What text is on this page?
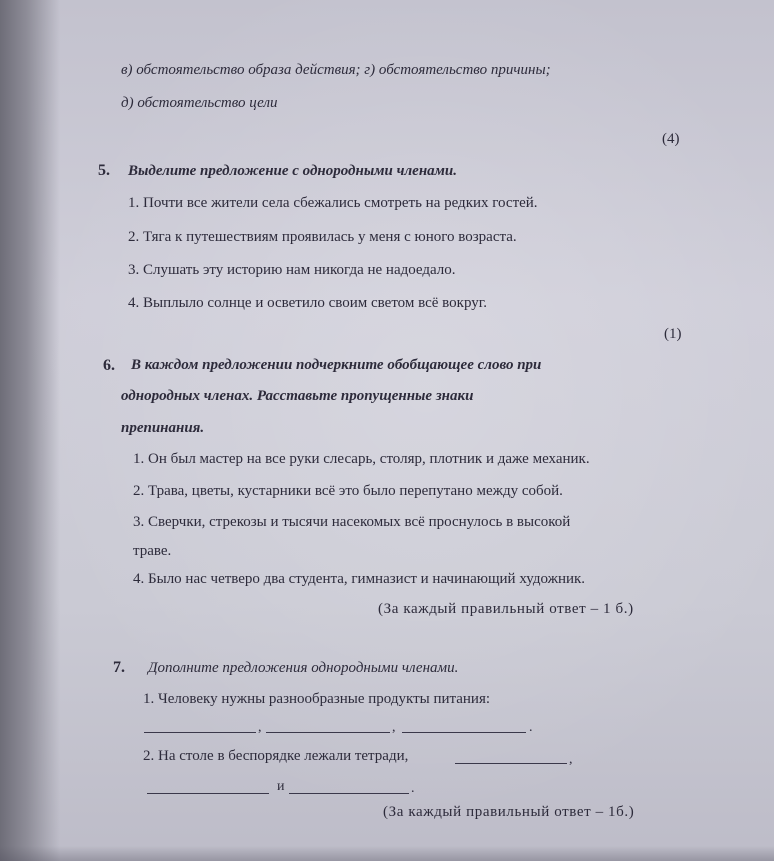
в) обстоятельство образа действия; г) обстоятельство причины;
д) обстоятельство цели
(4)
5. Выделите предложение с однородными членами.
1. Почти все жители села сбежались смотреть на редких гостей.
2. Тяга к путешествиям проявилась у меня с юного возраста.
3. Слушать эту историю нам никогда не надоедало.
4. Выплыло солнце и осветило своим светом всё вокруг.
(1)
6. В каждом предложении подчеркните обобщающее слово при
однородных членах. Расставьте пропущенные знаки
препинания.
1. Он был мастер на все руки слесарь, столяр, плотник и даже механик.
2. Трава, цветы, кустарники всё это было перепутано между собой.
3. Сверчки, стрекозы и тысячи насекомых всё проснулось в высокой
траве.
4. Было нас четверо два студента, гимназист и начинающий художник.
(За каждый правильный ответ – 1 б.)
7. Дополните предложения однородными членами.
1. Человеку нужны разнообразные продукты питания:
,	,	.
2. На столе в беспорядке лежали тетради,	,
и	.
(За каждый правильный ответ – 1б.)
